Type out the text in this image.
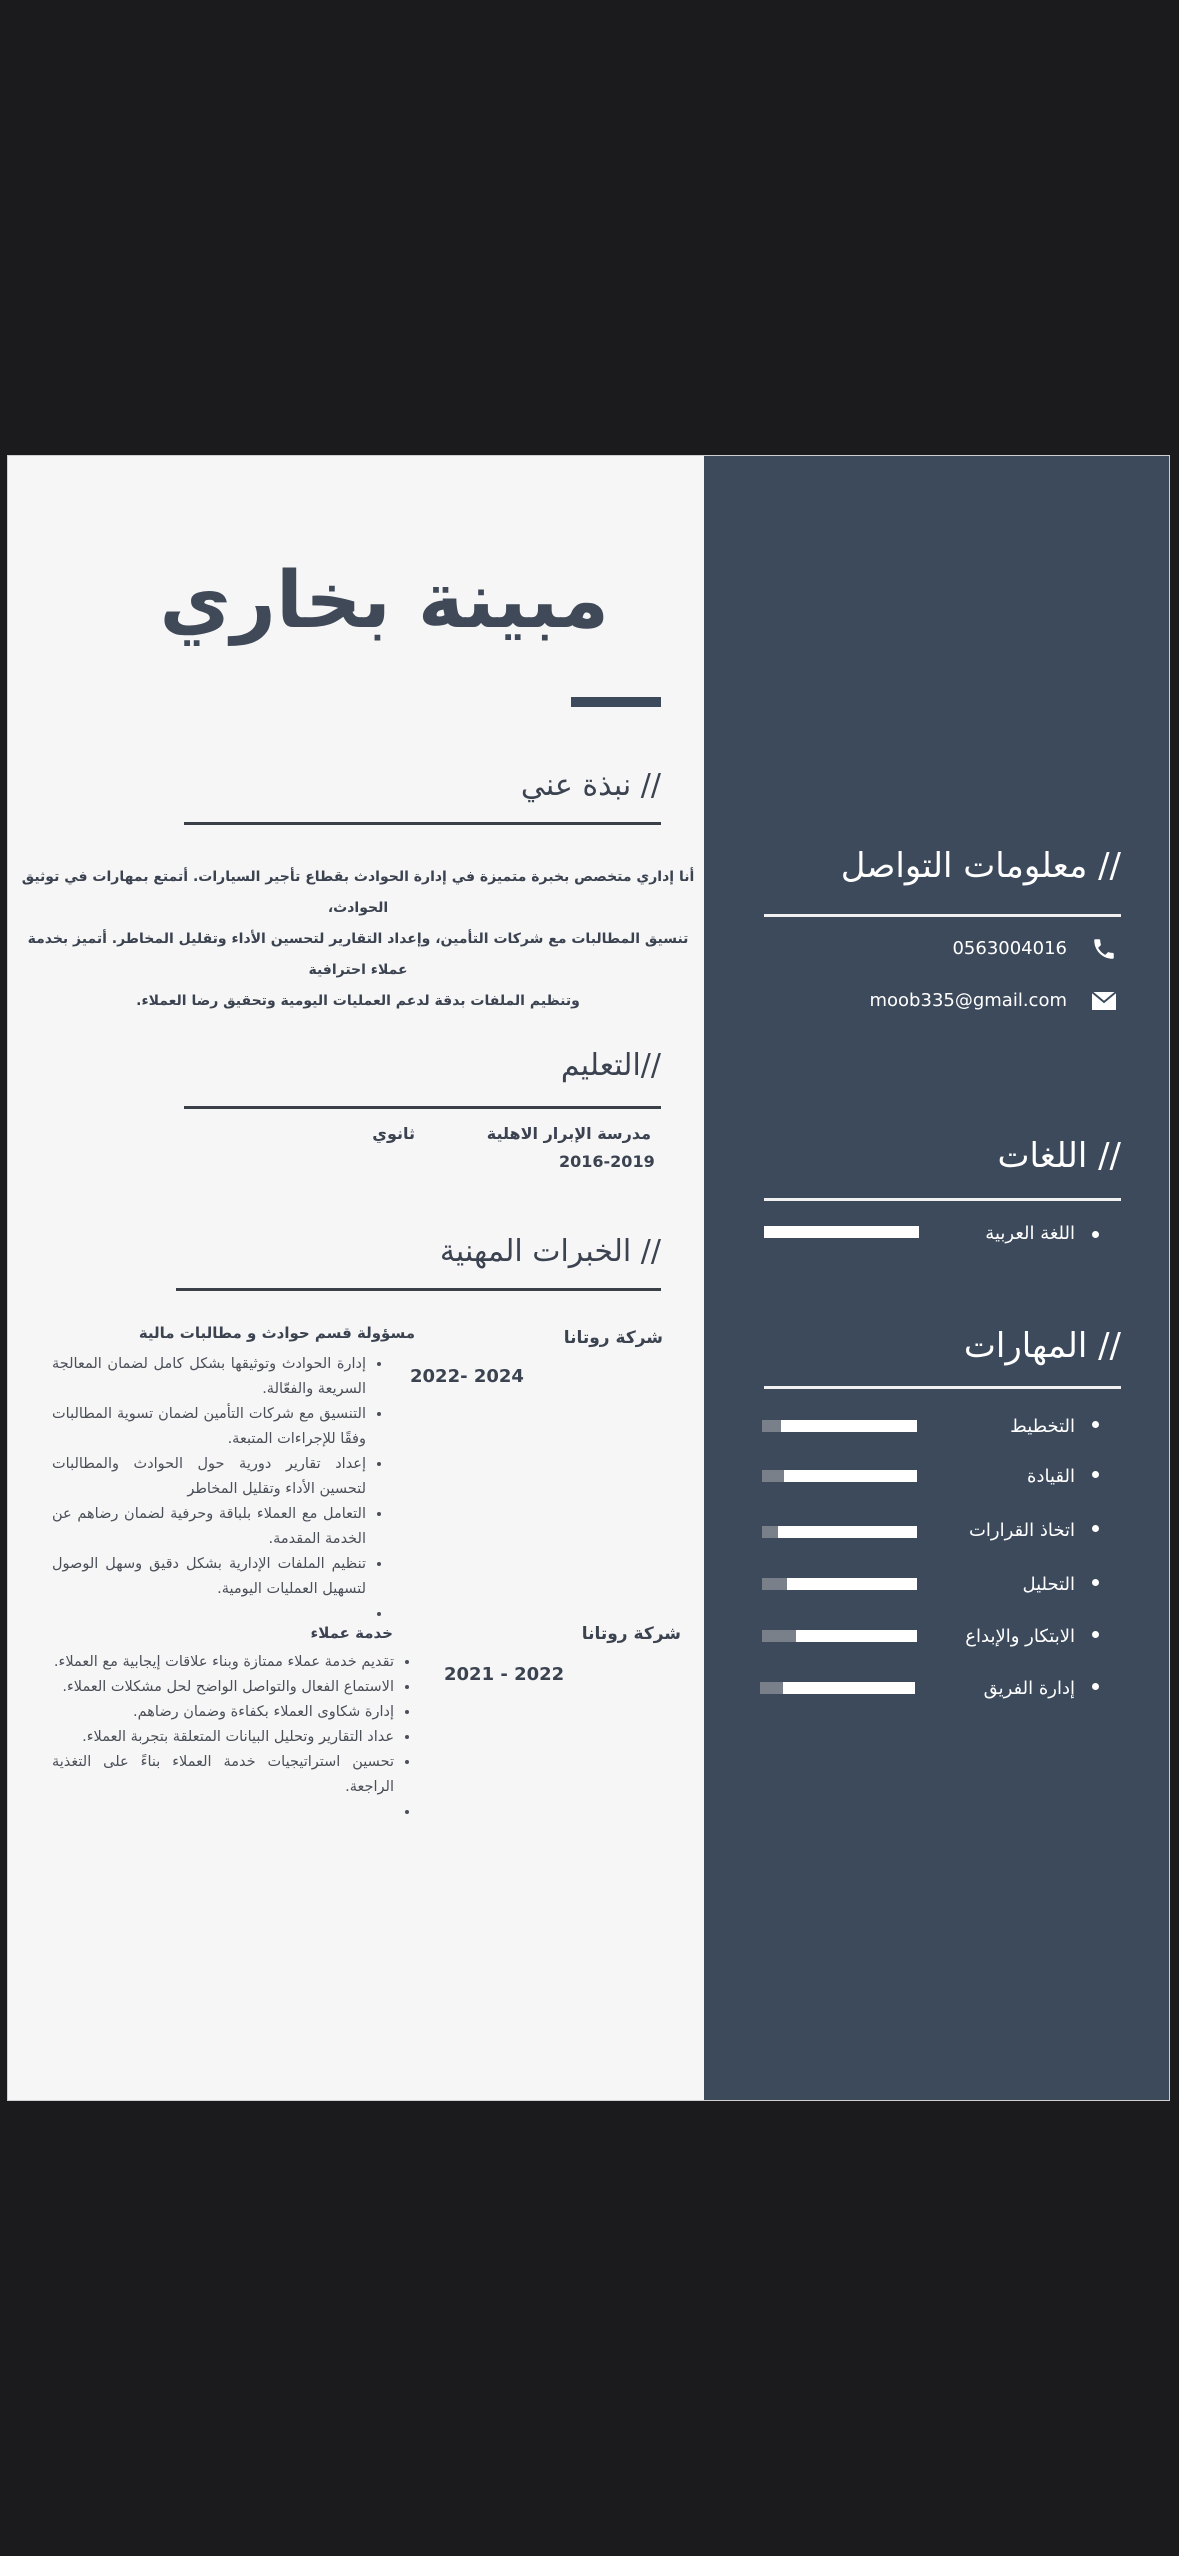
مبينة بخاري
// نبذة عني

أنا إداري متخصص بخبرة متميزة في إدارة الحوادث بقطاع تأجير السيارات. أتمتع بمهارات في توثيق الحوادث،

تنسيق المطالبات مع شركات التأمين، وإعداد التقارير لتحسين الأداء وتقليل المخاطر. أتميز بخدمة عملاء احترافية

وتنظيم الملفات بدقة لدعم العمليات اليومية وتحقيق رضا العملاء.

//التعليم
مدرسة الإبرار الاهلية
2016-2019
ثانوي
// الخبرات المهنية
شركة روتانا
2022- 2024
مسؤولة قسم حوادث و مطالبات مالية
• إدارة الحوادث وتوثيقها بشكل كامل لضمان المعالجة السريعة والفعّالة.
• التنسيق مع شركات التأمين لضمان تسوية المطالبات وفقًا للإجراءات المتبعة.
• إعداد تقارير دورية حول الحوادث والمطالبات لتحسين الأداء وتقليل المخاطر
• التعامل مع العملاء بلباقة وحرفية لضمان رضاهم عن الخدمة المقدمة.
• تنظيم الملفات الإدارية بشكل دقيق وسهل الوصول لتسهيل العمليات اليومية.
•
شركة روتانا
2021 - 2022
خدمة عملاء
• تقديم خدمة عملاء ممتازة وبناء علاقات إيجابية مع العملاء.
• الاستماع الفعال والتواصل الواضح لحل مشكلات العملاء.
• إدارة شكاوى العملاء بكفاءة وضمان رضاهم.
• عداد التقارير وتحليل البيانات المتعلقة بتجربة العملاء.
• تحسين استراتيجيات خدمة العملاء بناءً على التغذية الراجعة.
•
// معلومات التواصل
0563004016
moob335@gmail.com
// اللغات
اللغة العربية
// المهارات
التخطيط
القيادة
اتخاذ القرارات
التحليل
الابتكار والإبداع
إدارة الفريق
